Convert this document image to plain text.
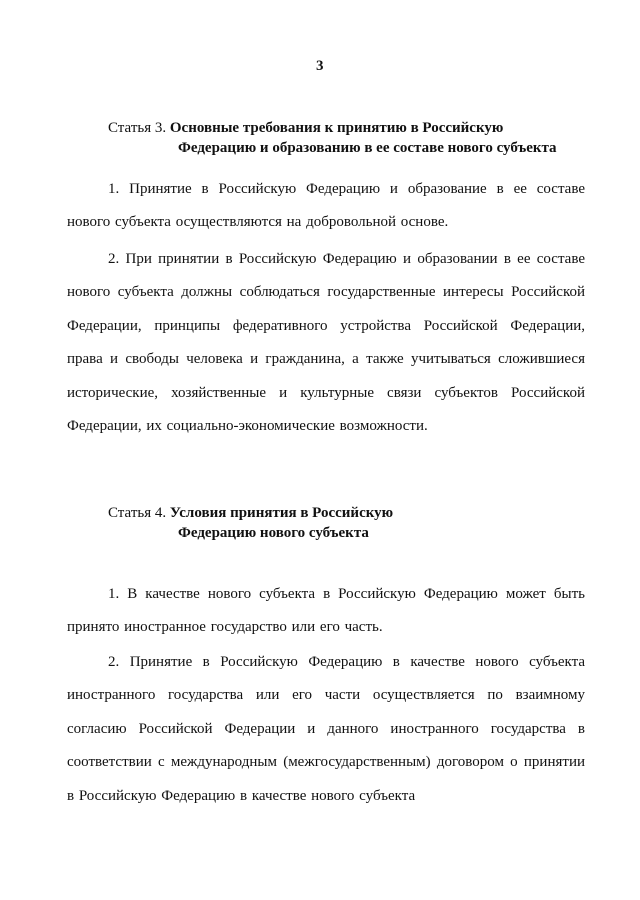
3
Статья 3. Основные требования к принятию в Российскую
Федерацию и образованию в ее составе нового субъекта
1. Принятие в Российскую Федерацию и образование в ее составе нового субъекта осуществляются на добровольной основе.
2. При принятии в Российскую Федерацию и образовании в ее составе нового субъекта должны соблюдаться государственные интересы Российской Федерации, принципы федеративного устройства Российской Федерации, права и свободы человека и гражданина, а также учитываться сложившиеся исторические, хозяйственные и культурные связи субъектов Российской Федерации, их социально-экономические возможности.
Статья 4. Условия принятия в Российскую
Федерацию нового субъекта
1. В качестве нового субъекта в Российскую Федерацию может быть принято иностранное государство или его часть.
2. Принятие в Российскую Федерацию в качестве нового субъекта иностранного государства или его части осуществляется по взаимному согласию Российской Федерации и данного иностранного государства в соответствии с международным (межгосударственным) договором о принятии в Российскую Федерацию в качестве нового субъекта
